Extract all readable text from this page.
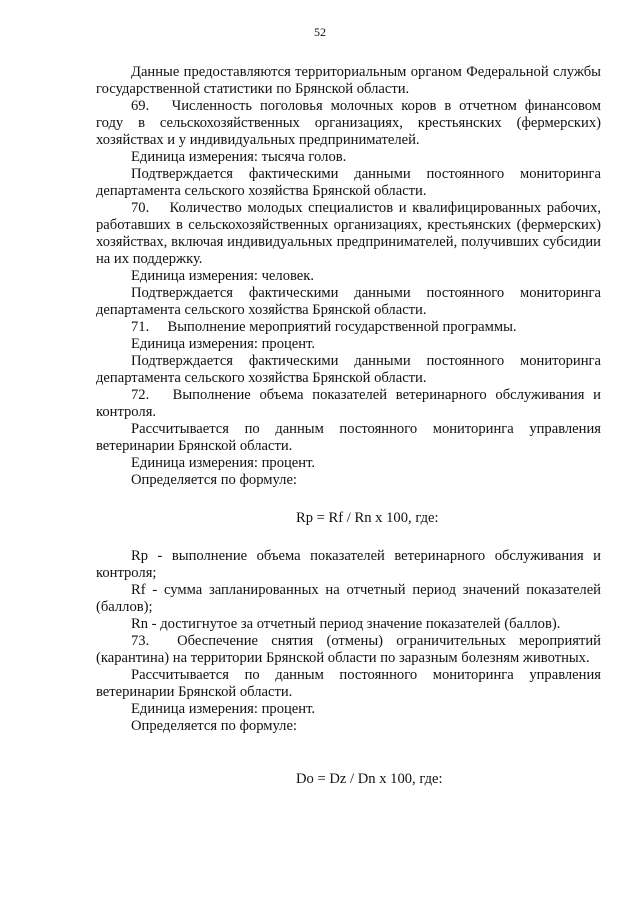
52

Данные предоставляются территориальным органом Федеральной службы государственной статистики по Брянской области.

69.  Численность поголовья молочных коров в отчетном финансовом году в сельскохозяйственных организациях, крестьянских (фермерских) хозяйствах и у индивидуальных предпринимателей.

Единица измерения: тысяча голов.

Подтверждается фактическими данными постоянного мониторинга департамента сельского хозяйства Брянской области.

70.  Количество молодых специалистов и квалифицированных рабочих, работавших в сельскохозяйственных организациях, крестьянских (фермерских) хозяйствах, включая индивидуальных предпринимателей, получивших субсидии на их поддержку.

Единица измерения: человек.

Подтверждается фактическими данными постоянного мониторинга департамента сельского хозяйства Брянской области.

71.  Выполнение мероприятий государственной программы.

Единица измерения: процент.

Подтверждается фактическими данными постоянного мониторинга департамента сельского хозяйства Брянской области.

72.  Выполнение объема показателей ветеринарного обслуживания и контроля.

Рассчитывается по данным постоянного мониторинга управления ветеринарии Брянской области.

Единица измерения: процент.

Определяется по формуле:

Rp = Rf / Rn x 100, где:

Rp - выполнение объема показателей ветеринарного обслуживания и контроля;

Rf - сумма запланированных на отчетный период значений показателей (баллов);

Rn - достигнутое за отчетный период значение показателей (баллов).

73.  Обеспечение снятия (отмены) ограничительных мероприятий (карантина) на территории Брянской области по заразным болезням животных.

Рассчитывается по данным постоянного мониторинга управления ветеринарии Брянской области.

Единица измерения: процент.

Определяется по формуле:

Do = Dz / Dn x 100, где:
